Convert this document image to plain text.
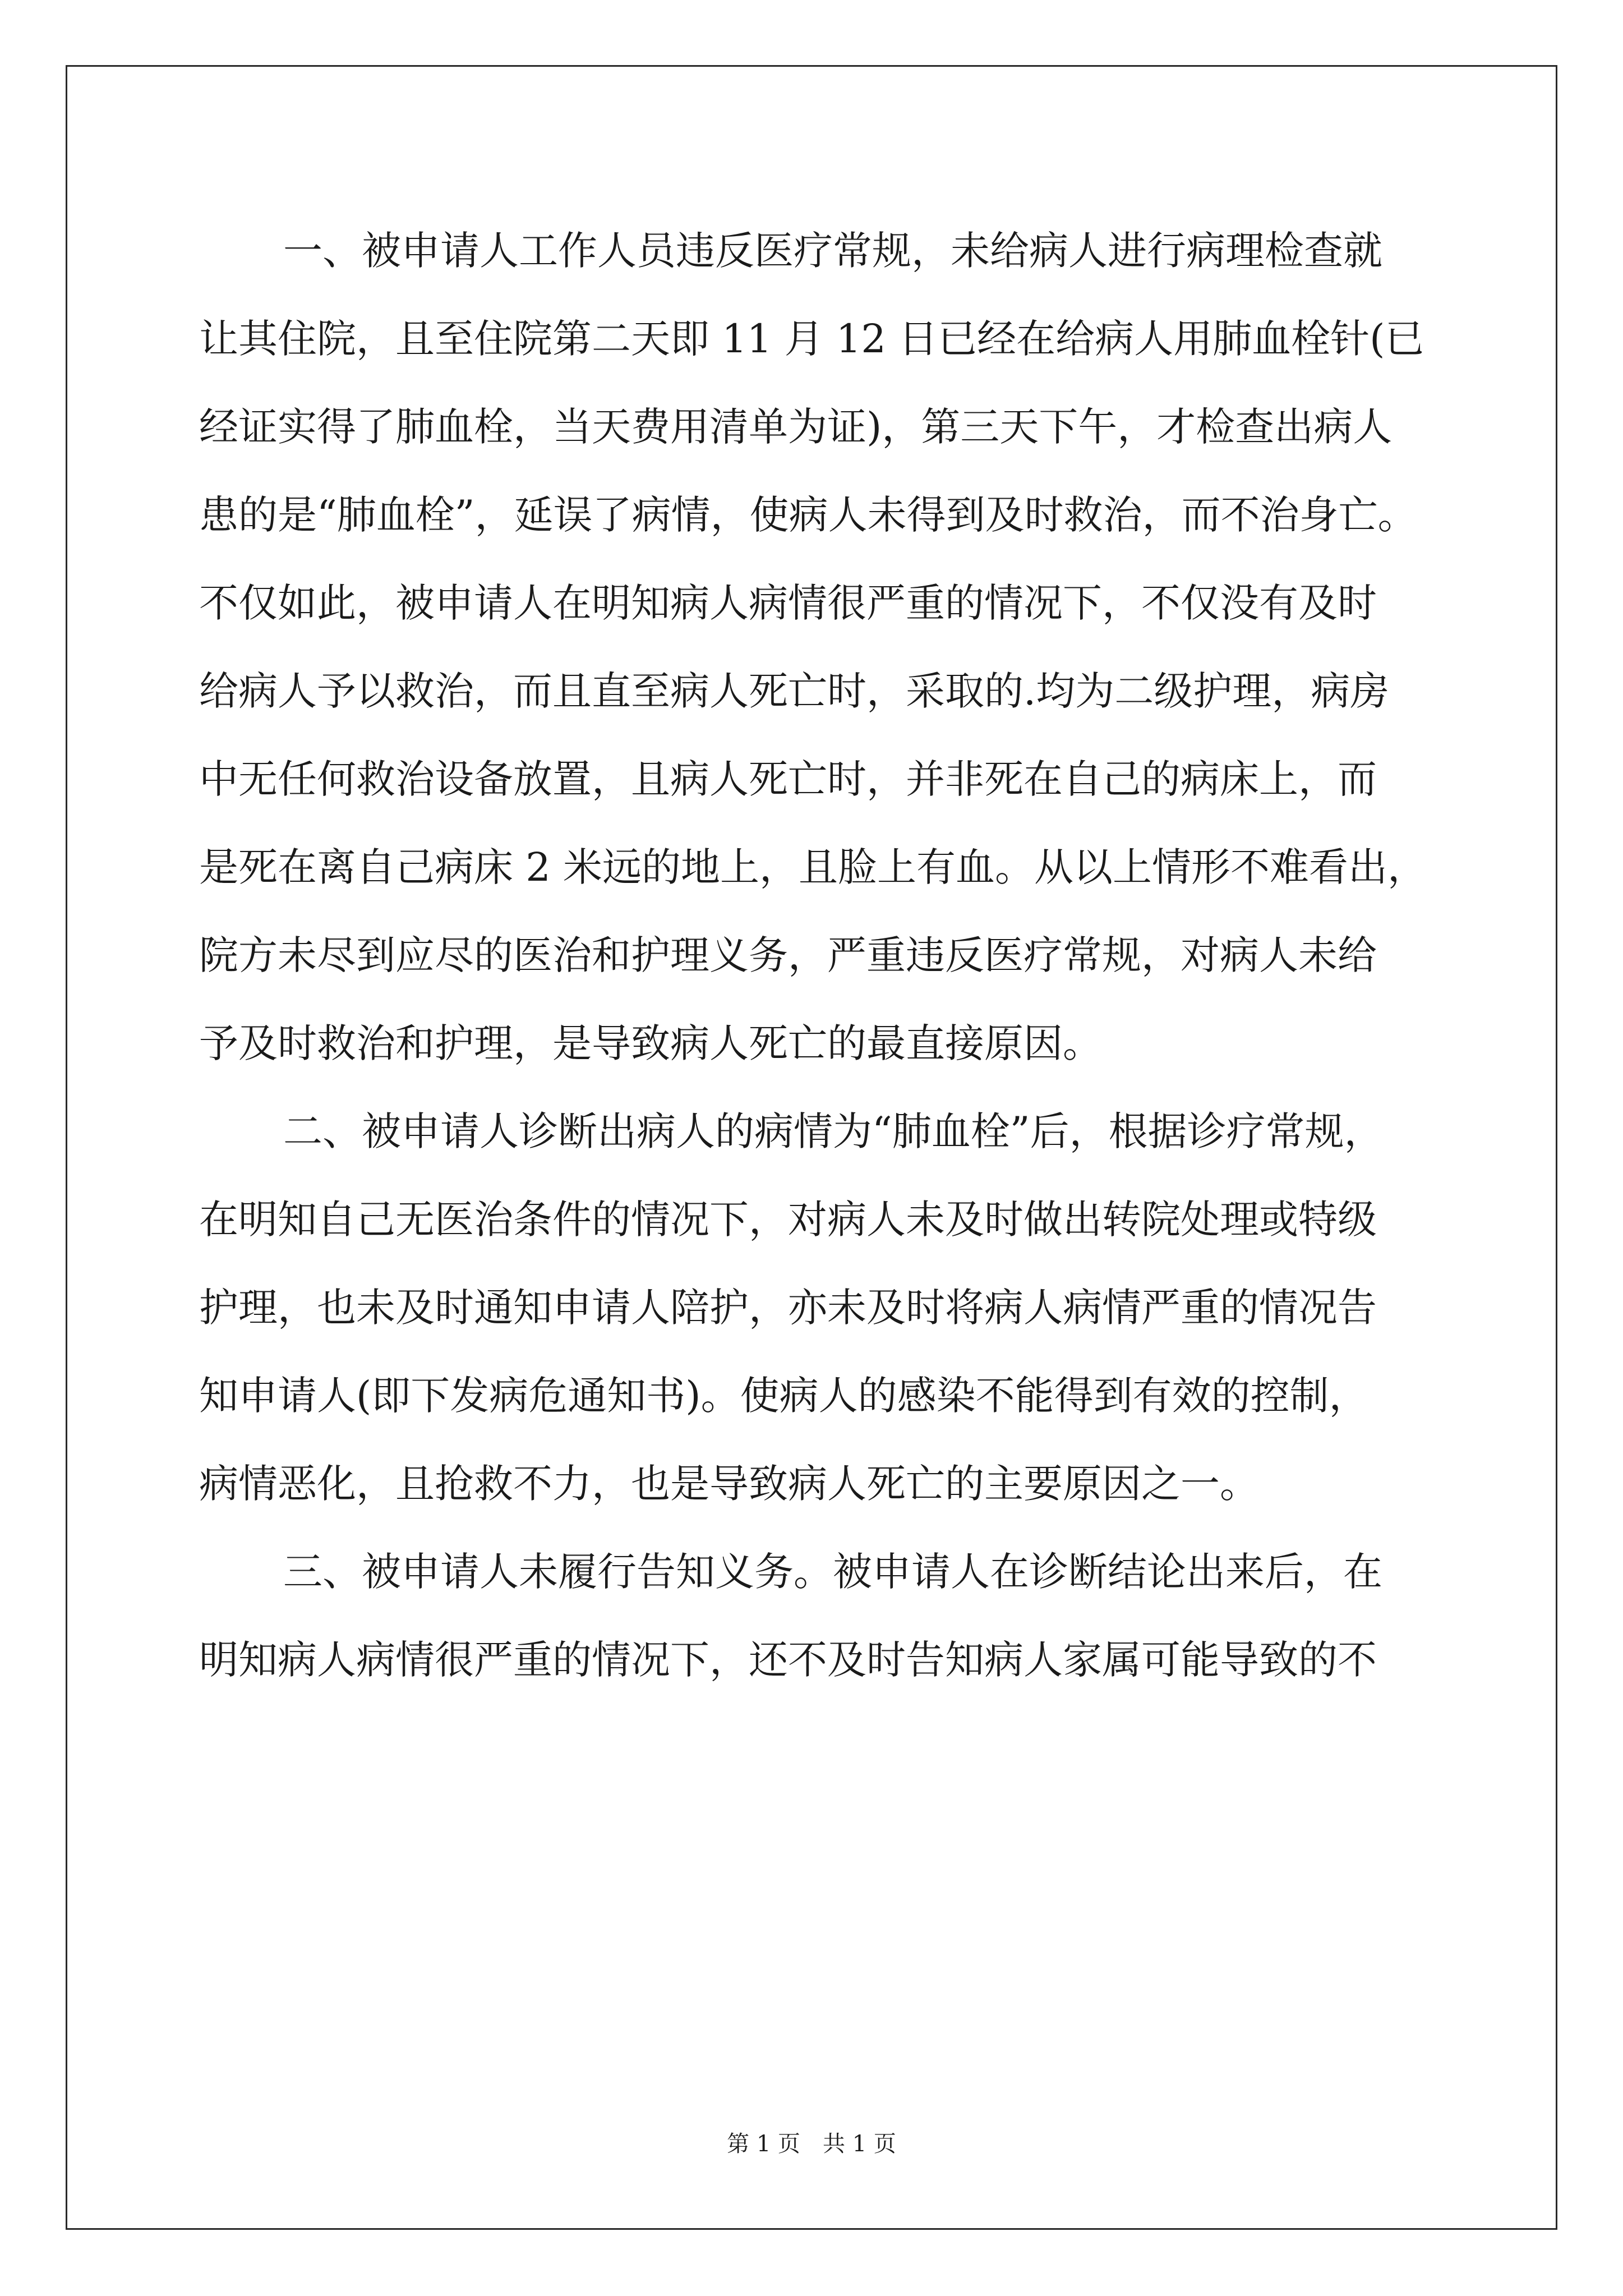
一、被申请人工作人员违反医疗常规，未给病人进行病理检查就
让其住院，且至住院第二天即 11 月 12 日已经在给病人用肺血栓针(已
经证实得了肺血栓，当天费用清单为证)，第三天下午，才检查出病人
患的是“肺血栓”，延误了病情，使病人未得到及时救治，而不治身亡。
不仅如此，被申请人在明知病人病情很严重的情况下，不仅没有及时
给病人予以救治，而且直至病人死亡时，采取的.均为二级护理，病房
中无任何救治设备放置，且病人死亡时，并非死在自己的病床上，而
是死在离自己病床 2 米远的地上，且脸上有血。从以上情形不难看出，
院方未尽到应尽的医治和护理义务，严重违反医疗常规，对病人未给
予及时救治和护理，是导致病人死亡的最直接原因。
二、被申请人诊断出病人的病情为“肺血栓”后，根据诊疗常规，
在明知自己无医治条件的情况下，对病人未及时做出转院处理或特级
护理，也未及时通知申请人陪护，亦未及时将病人病情严重的情况告
知申请人(即下发病危通知书)。使病人的感染不能得到有效的控制，
病情恶化，且抢救不力，也是导致病人死亡的主要原因之一。
三、被申请人未履行告知义务。被申请人在诊断结论出来后，在
明知病人病情很严重的情况下，还不及时告知病人家属可能导致的不
第 1 页 共 1 页
